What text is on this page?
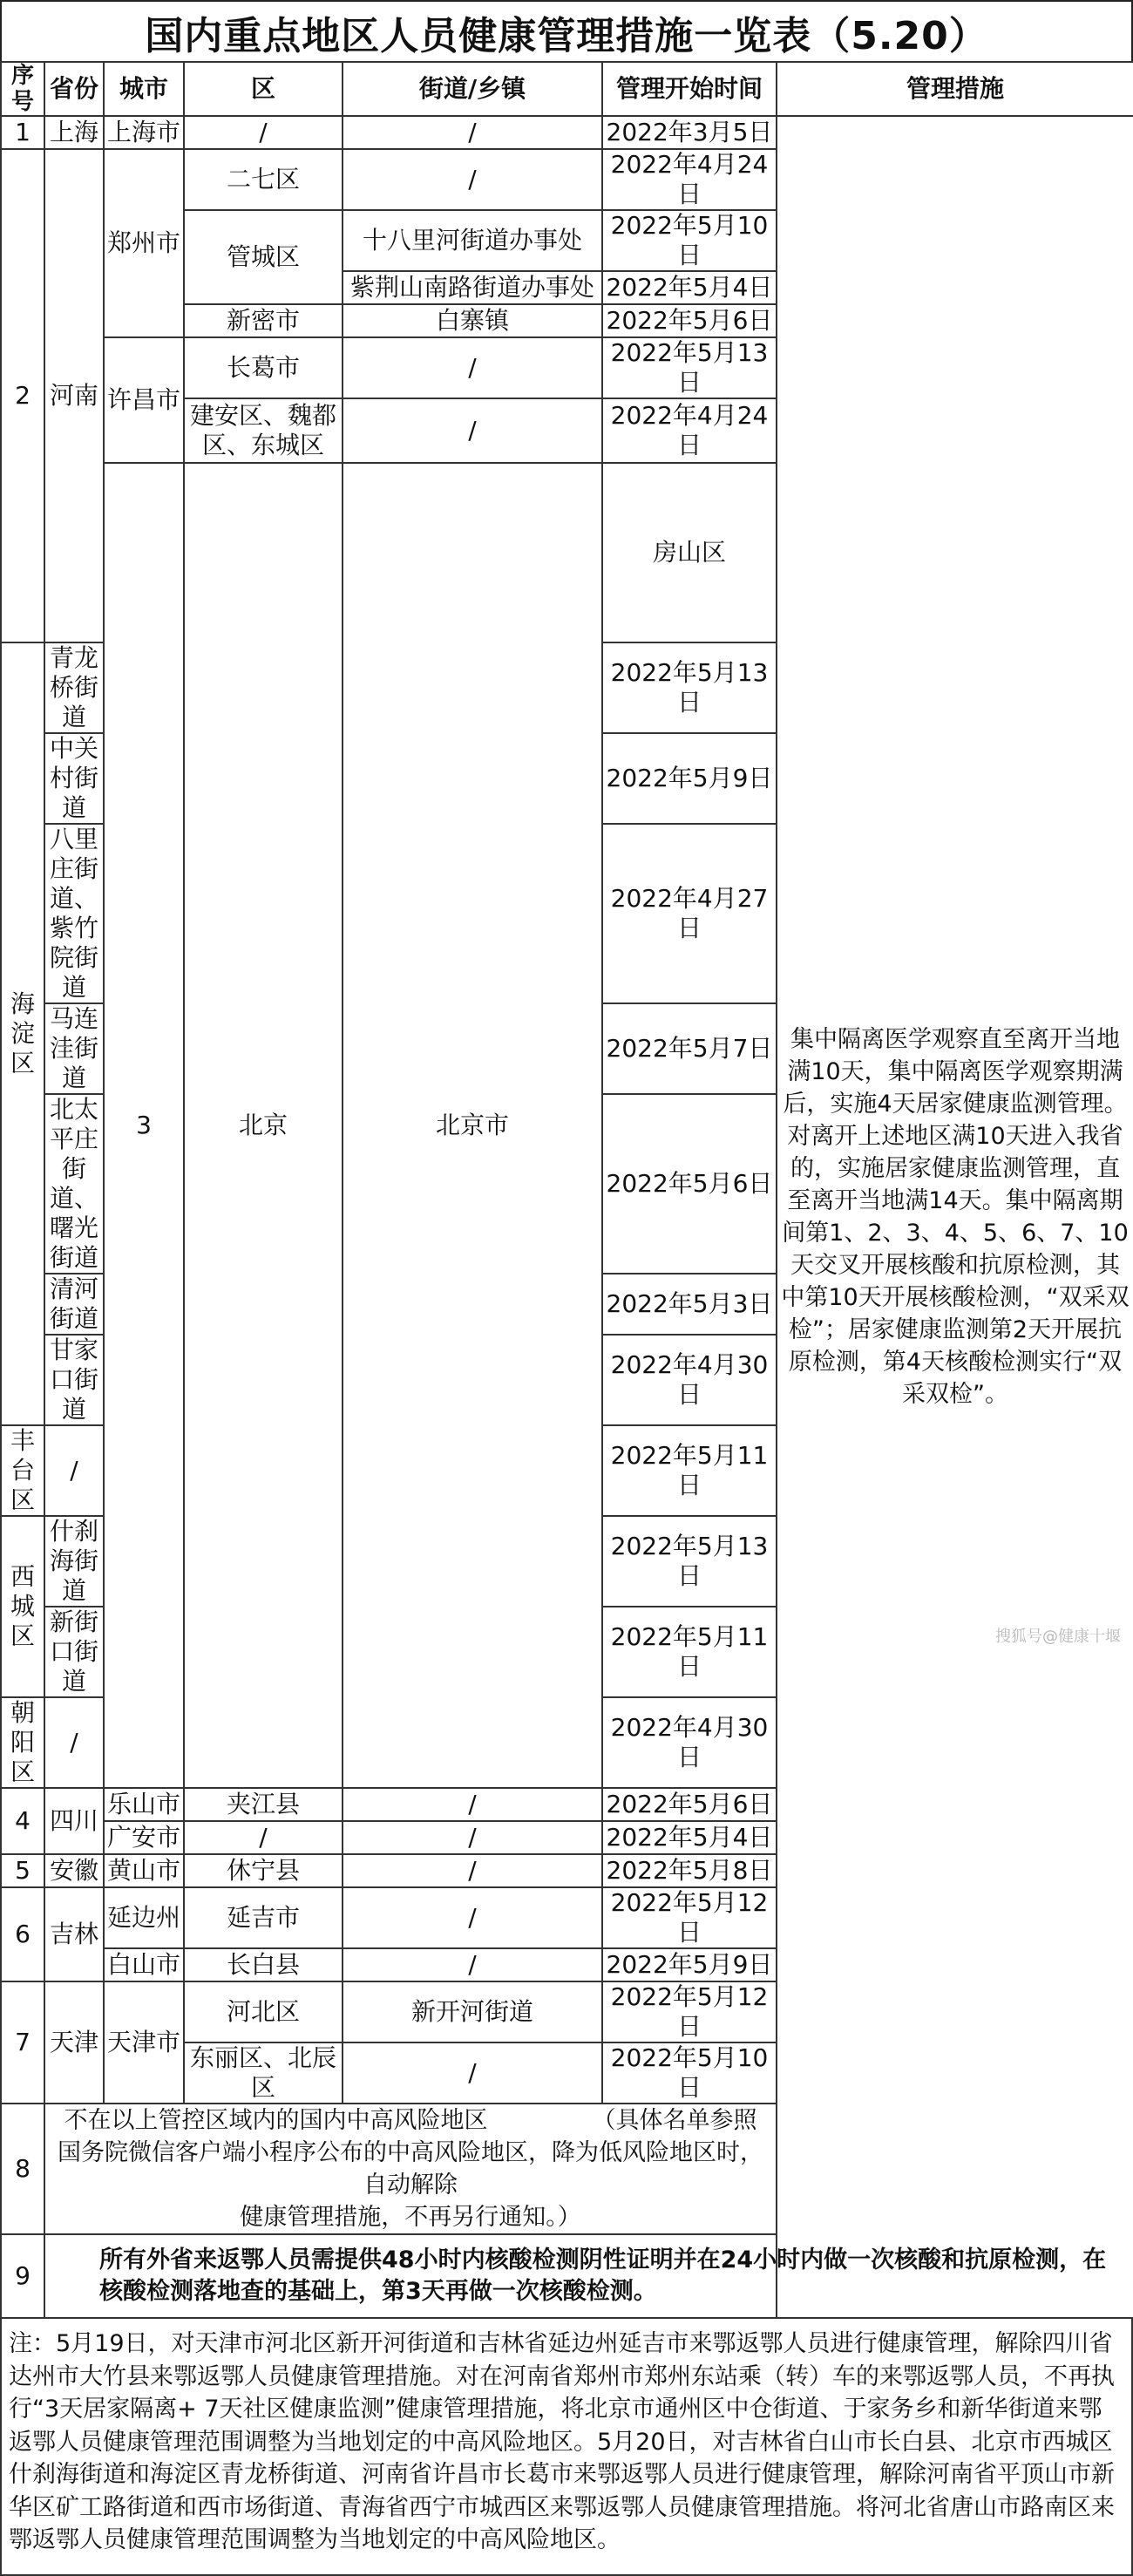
国内重点地区人员健康管理措施一览表（5.20）
序号	省份	城市	区	街道/乡镇	管理开始时间	管理措施	
1	上海	上海市	/	/	2022年3月5日	集中隔离医学观察直至离开当地满10天，集中隔离医学观察期满后，实施4天居家健康监测管理。对离开上述地区满10天进入我省的，实施居家健康监测管理，直至离开当地满14天。集中隔离期间第1、2、3、4、5、6、7、10天交叉开展核酸和抗原检测，其中第10天开展核酸检测，“双采双检”；居家健康监测第2天开展抗原检测，第4天核酸检测实行“双采双检”。	
2	河南	郑州市	二七区	/	2022年4月24日		
			管城区	十八里河街道办事处	2022年5月10日		
				紫荆山南路街道办事处	2022年5月4日		
			新密市	白寨镇	2022年5月6日		
		许昌市	长葛市	/	2022年5月13日		
			建安区、魏都区、东城区	/	2022年4月24日		
		3	北京	北京市	房山区		
海淀区	青龙桥街道				2022年5月13日		
	中关村街道				2022年5月9日		
	八里庄街道、紫竹院街道				2022年4月27日		
	马连洼街道				2022年5月7日		
	北太平庄街道、曙光街道				2022年5月6日		
	清河街道				2022年5月3日		
	甘家口街道				2022年4月30日		
丰台区	/				2022年5月11日		
西城区	什刹海街道				2022年5月13日		
	新街口街道				2022年5月11日		
朝阳区	/				2022年4月30日		
4	四川	乐山市	夹江县	/	2022年5月6日		
		广安市	/	/	2022年5月4日		
5	安徽	黄山市	休宁县	/	2022年5月8日		
6	吉林	延边州	延吉市	/	2022年5月12日		
		白山市	长白县	/	2022年5月9日		
7	天津	天津市	河北区	新开河街道	2022年5月12日		
			东丽区、北辰区	/	2022年5月10日		
8	不在以上管控区域内的国内中高风险地区 （具体名单参照
国务院微信客户端小程序公布的中高风险地区，降为低风险地区时，自动解除
健康管理措施，不再另行通知。）						

9	所有外省来返鄂人员需提供48小时内核酸检测阴性证明并在24小时内做一次核酸和抗原检测，在核酸检测落地查的基础上，第3天再做一次核酸检测。						
注：5月19日，对天津市河北区新开河街道和吉林省延边州延吉市来鄂返鄂人员进行健康管理，解除四川省达州市大竹县来鄂返鄂人员健康管理措施。对在河南省郑州市郑州东站乘（转）车的来鄂返鄂人员，不再执行“3天居家隔离+ 7天社区健康监测”健康管理措施，将北京市通州区中仓街道、于家务乡和新华街道来鄂返鄂人员健康管理范围调整为当地划定的中高风险地区。5月20日，对吉林省白山市长白县、北京市西城区什刹海街道和海淀区青龙桥街道、河南省许昌市长葛市来鄂返鄂人员进行健康管理，解除河南省平顶山市新华区矿工路街道和西市场街道、青海省西宁市城西区来鄂返鄂人员健康管理措施。将河北省唐山市路南区来鄂返鄂人员健康管理范围调整为当地划定的中高风险地区。
搜狐号@健康十堰
